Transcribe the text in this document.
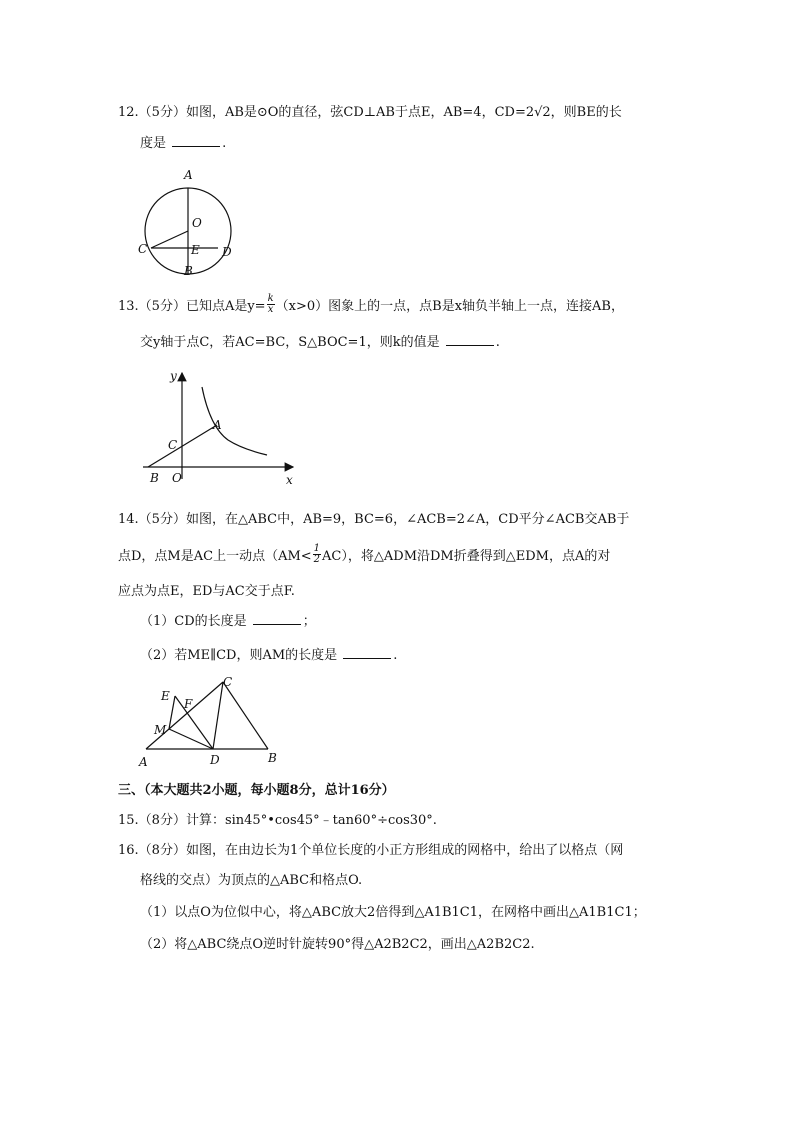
12.（5分）如图，AB是⊙O的直径，弦CD⊥AB于点E，AB=4，CD=2√2，则BE的长
度是	.
A
O
C	E D
B
13.（5分）已知点A是$y= \frac{k}{x} (x>0)$图象上的一点，点B是x轴负半轴上一点，连接AB，
交y轴于点C，若AC=BC，S△BOC=1，则k的值是	.
y
A
C
B O	x
14.（5分）如图，在△ABC中，AB=9，BC=6，∠ACB=2∠A，CD平分∠ACB交AB于
点D，点M是AC上一动点$(AM< \frac{1}{2} AC)$，将△ADM沿DM折叠得到△EDM，点A的对
应点为点E，ED与AC交于点F.
（1）CD的长度是	；
（2）若ME∥CD，则AM的长度是	.
E
C
F
M
A	D	B
三、（本大题共2小题，每小题8分，总计16分）
15.（8分）计算：sin45°•cos45°﹣tan60°÷cos30°.
16.（8分）如图，在由边长为1个单位长度的小正方形组成的网格中，给出了以格点（网
格线的交点）为顶点的△ABC和格点O.
（1）以点O为位似中心，将△ABC放大2倍得到△A1B1C1，在网格中画出△A1B1C1；
（2）将△ABC绕点O逆时针旋转90°得△A2B2C2，画出△A2B2C2.
